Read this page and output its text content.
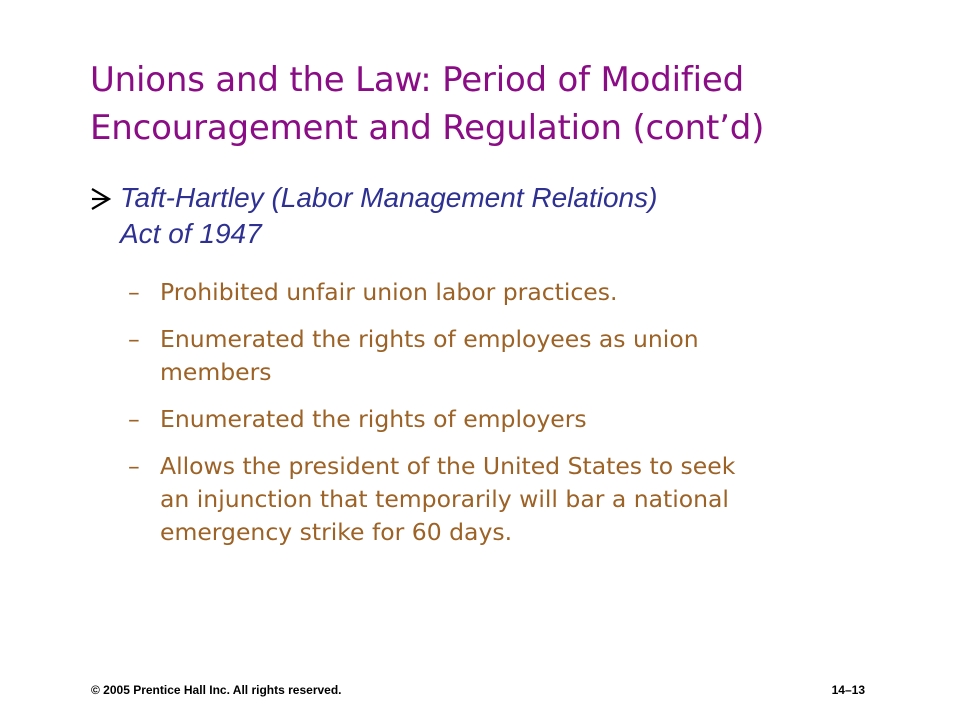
Unions and the Law: Period of Modified
Encouragement and Regulation (cont’d)
Taft-Hartley (Labor Management Relations)
Act of 1947
– Prohibited unfair union labor practices.
– Enumerated the rights of employees as union
members
– Enumerated the rights of employers
– Allows the president of the United States to seek
an injunction that temporarily will bar a national
emergency strike for 60 days.
© 2005 Prentice Hall Inc. All rights reserved.	14–13
